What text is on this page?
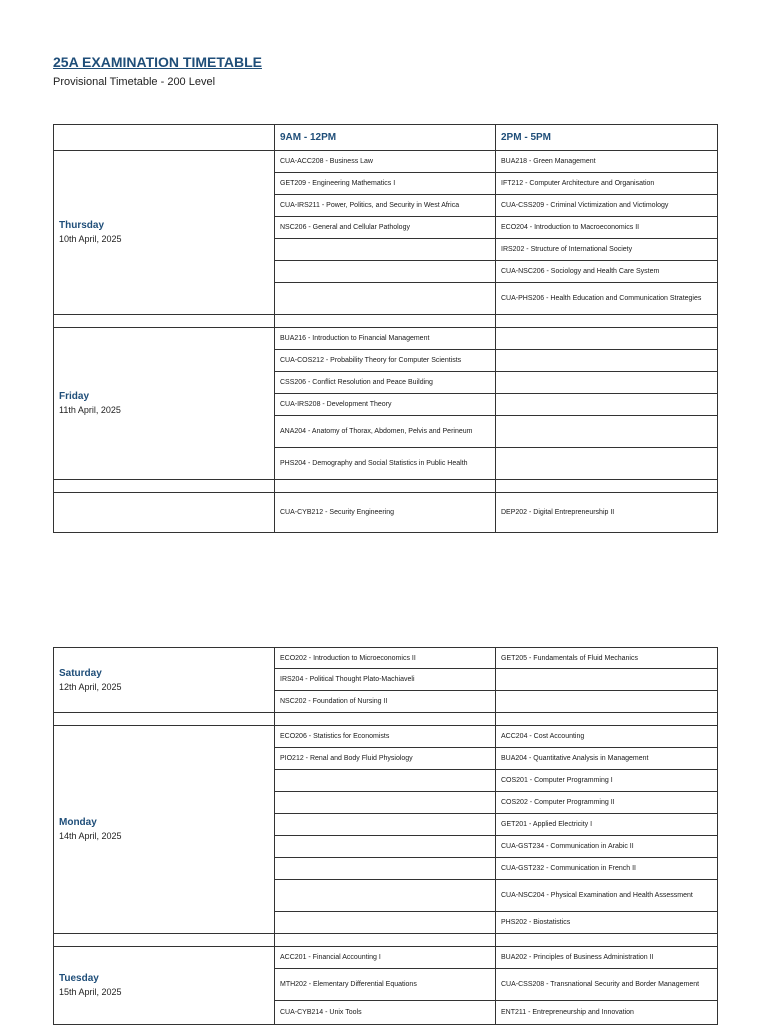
25A EXAMINATION TIMETABLE

Provisional Timetable - 200 Level

	9AM - 12PM	2PM - 5PM

Thursday
10th April, 2025	CUA-ACC208 - Business Law	BUA218 - Green Management
	GET209 - Engineering Mathematics I	IFT212 - Computer Architecture and Organisation
	CUA-IRS211 - Power, Politics, and Security in West Africa	CUA-CSS209 - Criminal Victimization and Victimology
	NSC206 - General and Cellular Pathology	ECO204 - Introduction to Macroeconomics II
		IRS202 - Structure of International Society
		CUA-NSC206 - Sociology and Health Care System
		CUA-PHS206 - Health Education and Communication Strategies

Friday
11th April, 2025	BUA216 - Introduction to Financial Management	
	CUA-COS212 - Probability Theory for Computer Scientists	
	CSS206 - Conflict Resolution and Peace Building	
	CUA-IRS208 - Development Theory	
	ANA204 - Anatomy of Thorax, Abdomen, Pelvis and Perineum	
	PHS204 - Demography and Social Statistics in Public Health	

	CUA-CYB212 - Security Engineering	DEP202 - Digital Entrepreneurship II
Saturday
12th April, 2025	ECO202 - Introduction to Microeconomics II	GET205 - Fundamentals of Fluid Mechanics
	IRS204 - Political Thought Plato-Machiaveli	
	NSC202 - Foundation of Nursing II	

Monday
14th April, 2025	ECO206 - Statistics for Economists	ACC204 - Cost Accounting
	PIO212 - Renal and Body Fluid Physiology	BUA204 - Quantitative Analysis in Management
		COS201 - Computer Programming I
		COS202 - Computer Programming II
		GET201 - Applied Electricity I
		CUA-GST234 - Communication in Arabic II
		CUA-GST232 - Communication in French II
		CUA-NSC204 - Physical Examination and Health Assessment
		PHS202 - Biostatistics

Tuesday
15th April, 2025	ACC201 - Financial Accounting I	BUA202 - Principles of Business Administration II
	MTH202 - Elementary Differential Equations	CUA-CSS208 - Transnational Security and Border Management
	CUA-CYB214 - Unix Tools	ENT211 - Entrepreneurship and Innovation
